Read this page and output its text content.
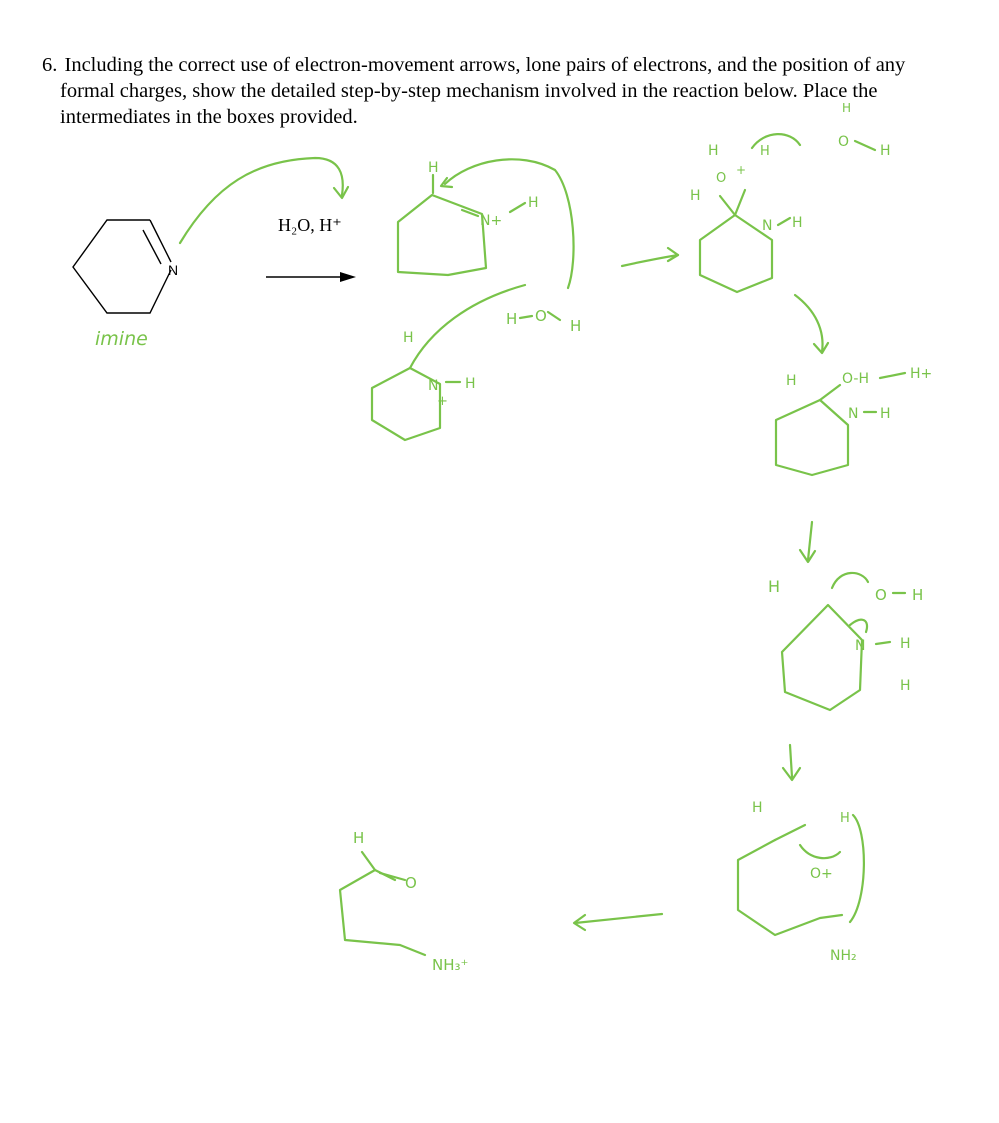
6. Including the correct use of electron-movement arrows, lone pairs of electrons, and the position of any
formal charges, show the detailed step-by-step mechanism involved in the reaction below. Place the
intermediates in the boxes provided.
N
H₂O, H⁺
imine
H
N+
H
H O
H
H
N H
+
H
O
+
H	H
O
H
H
N H
H	O-H	H+
N H
H	O H
N H
H
H
H
O+
NH₂
H
O
NH₃⁺
